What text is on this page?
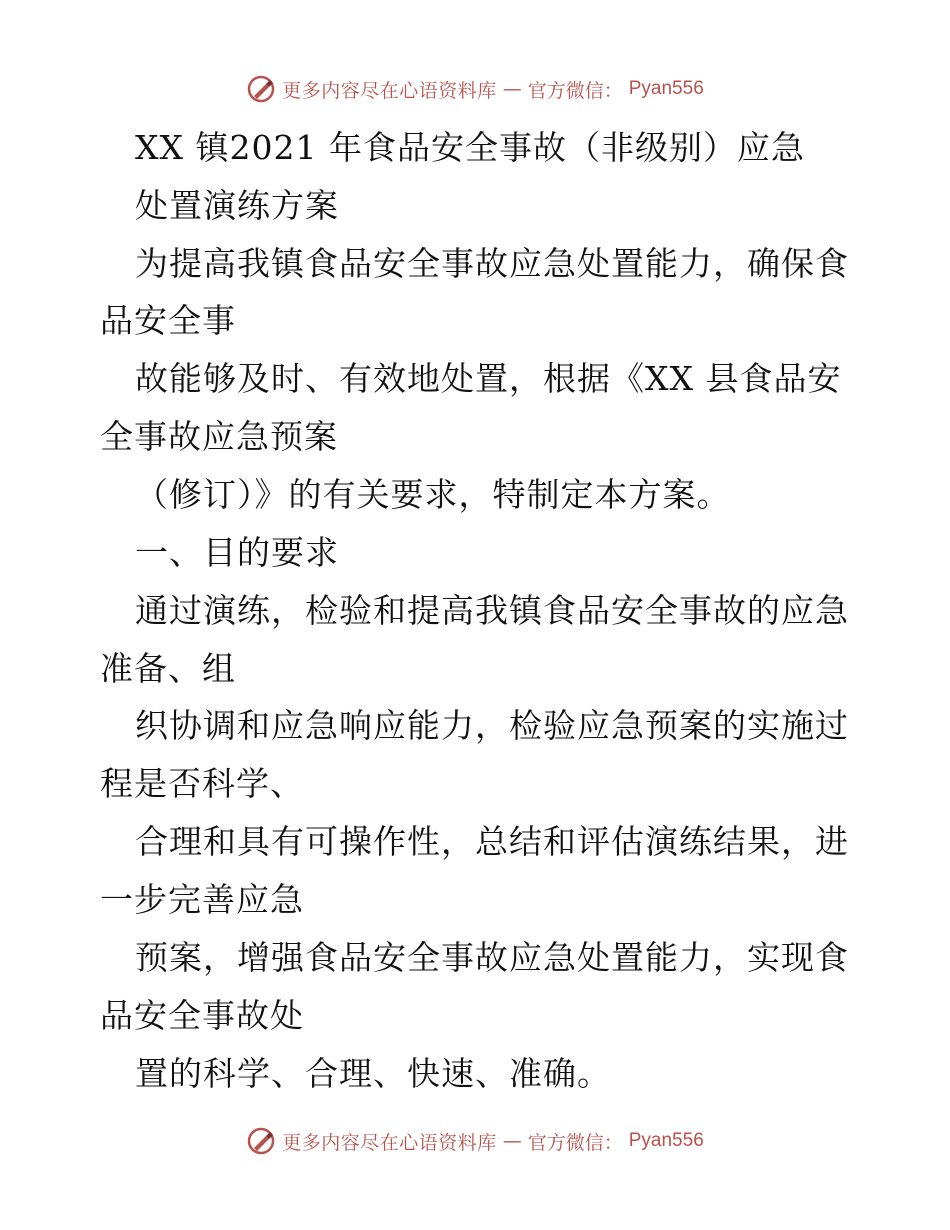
更多内容尽在心语资料库 — 官方微信： Pyan556
XX 镇2021 年食品安全事故（非级别）应急
处置演练方案
为提高我镇食品安全事故应急处置能力，确保食
品安全事
故能够及时、有效地处置，根据《XX 县食品安
全事故应急预案
（修订）》的有关要求，特制定本方案。
一、目的要求
通过演练，检验和提高我镇食品安全事故的应急
准备、组
织协调和应急响应能力，检验应急预案的实施过
程是否科学、
合理和具有可操作性，总结和评估演练结果，进
一步完善应急
预案，增强食品安全事故应急处置能力，实现食
品安全事故处
置的科学、合理、快速、准确。
更多内容尽在心语资料库 — 官方微信： Pyan556
